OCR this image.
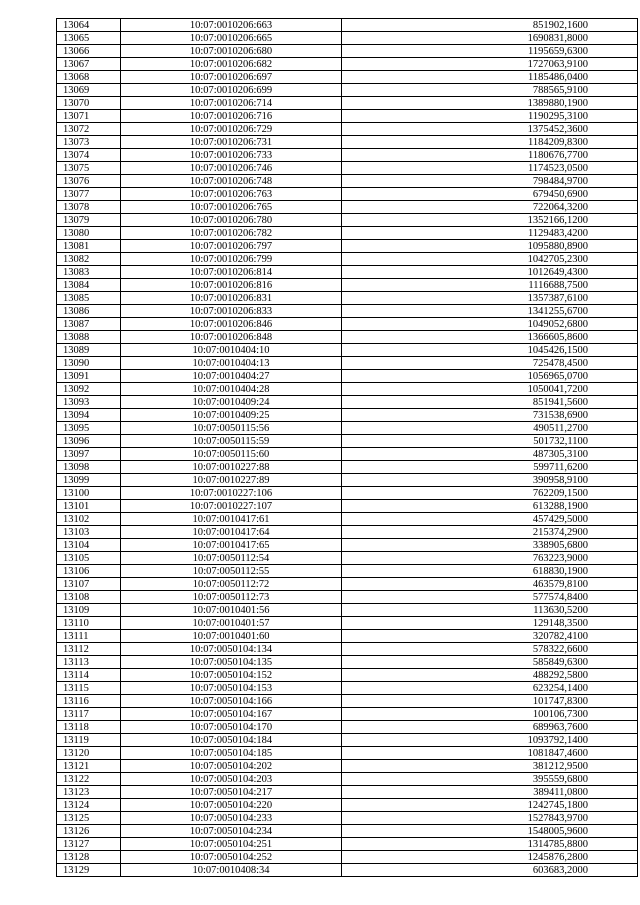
13064	10:07:0010206:663	851902,1600
13065	10:07:0010206:665	1690831,8000
13066	10:07:0010206:680	1195659,6300
13067	10:07:0010206:682	1727063,9100
13068	10:07:0010206:697	1185486,0400
13069	10:07:0010206:699	788565,9100
13070	10:07:0010206:714	1389880,1900
13071	10:07:0010206:716	1190295,3100
13072	10:07:0010206:729	1375452,3600
13073	10:07:0010206:731	1184209,8300
13074	10:07:0010206:733	1180676,7700
13075	10:07:0010206:746	1174523,0500
13076	10:07:0010206:748	798484,9700
13077	10:07:0010206:763	679450,6900
13078	10:07:0010206:765	722064,3200
13079	10:07:0010206:780	1352166,1200
13080	10:07:0010206:782	1129483,4200
13081	10:07:0010206:797	1095880,8900
13082	10:07:0010206:799	1042705,2300
13083	10:07:0010206:814	1012649,4300
13084	10:07:0010206:816	1116688,7500
13085	10:07:0010206:831	1357387,6100
13086	10:07:0010206:833	1341255,6700
13087	10:07:0010206:846	1049052,6800
13088	10:07:0010206:848	1366605,8600
13089	10:07:0010404:10	1045426,1500
13090	10:07:0010404:13	725478,4500
13091	10:07:0010404:27	1056965,0700
13092	10:07:0010404:28	1050041,7200
13093	10:07:0010409:24	851941,5600
13094	10:07:0010409:25	731538,6900
13095	10:07:0050115:56	490511,2700
13096	10:07:0050115:59	501732,1100
13097	10:07:0050115:60	487305,3100
13098	10:07:0010227:88	599711,6200
13099	10:07:0010227:89	390958,9100
13100	10:07:0010227:106	762209,1500
13101	10:07:0010227:107	613288,1900
13102	10:07:0010417:61	457429,5000
13103	10:07:0010417:64	215374,2900
13104	10:07:0010417:65	338905,6800
13105	10:07:0050112:54	763223,9000
13106	10:07:0050112:55	618830,1900
13107	10:07:0050112:72	463579,8100
13108	10:07:0050112:73	577574,8400
13109	10:07:0010401:56	113630,5200
13110	10:07:0010401:57	129148,3500
13111	10:07:0010401:60	320782,4100
13112	10:07:0050104:134	578322,6600
13113	10:07:0050104:135	585849,6300
13114	10:07:0050104:152	488292,5800
13115	10:07:0050104:153	623254,1400
13116	10:07:0050104:166	101747,8300
13117	10:07:0050104:167	100106,7300
13118	10:07:0050104:170	689963,7600
13119	10:07:0050104:184	1093792,1400
13120	10:07:0050104:185	1081847,4600
13121	10:07:0050104:202	381212,9500
13122	10:07:0050104:203	395559,6800
13123	10:07:0050104:217	389411,0800
13124	10:07:0050104:220	1242745,1800
13125	10:07:0050104:233	1527843,9700
13126	10:07:0050104:234	1548005,9600
13127	10:07:0050104:251	1314785,8800
13128	10:07:0050104:252	1245876,2800
13129	10:07:0010408:34	603683,2000
